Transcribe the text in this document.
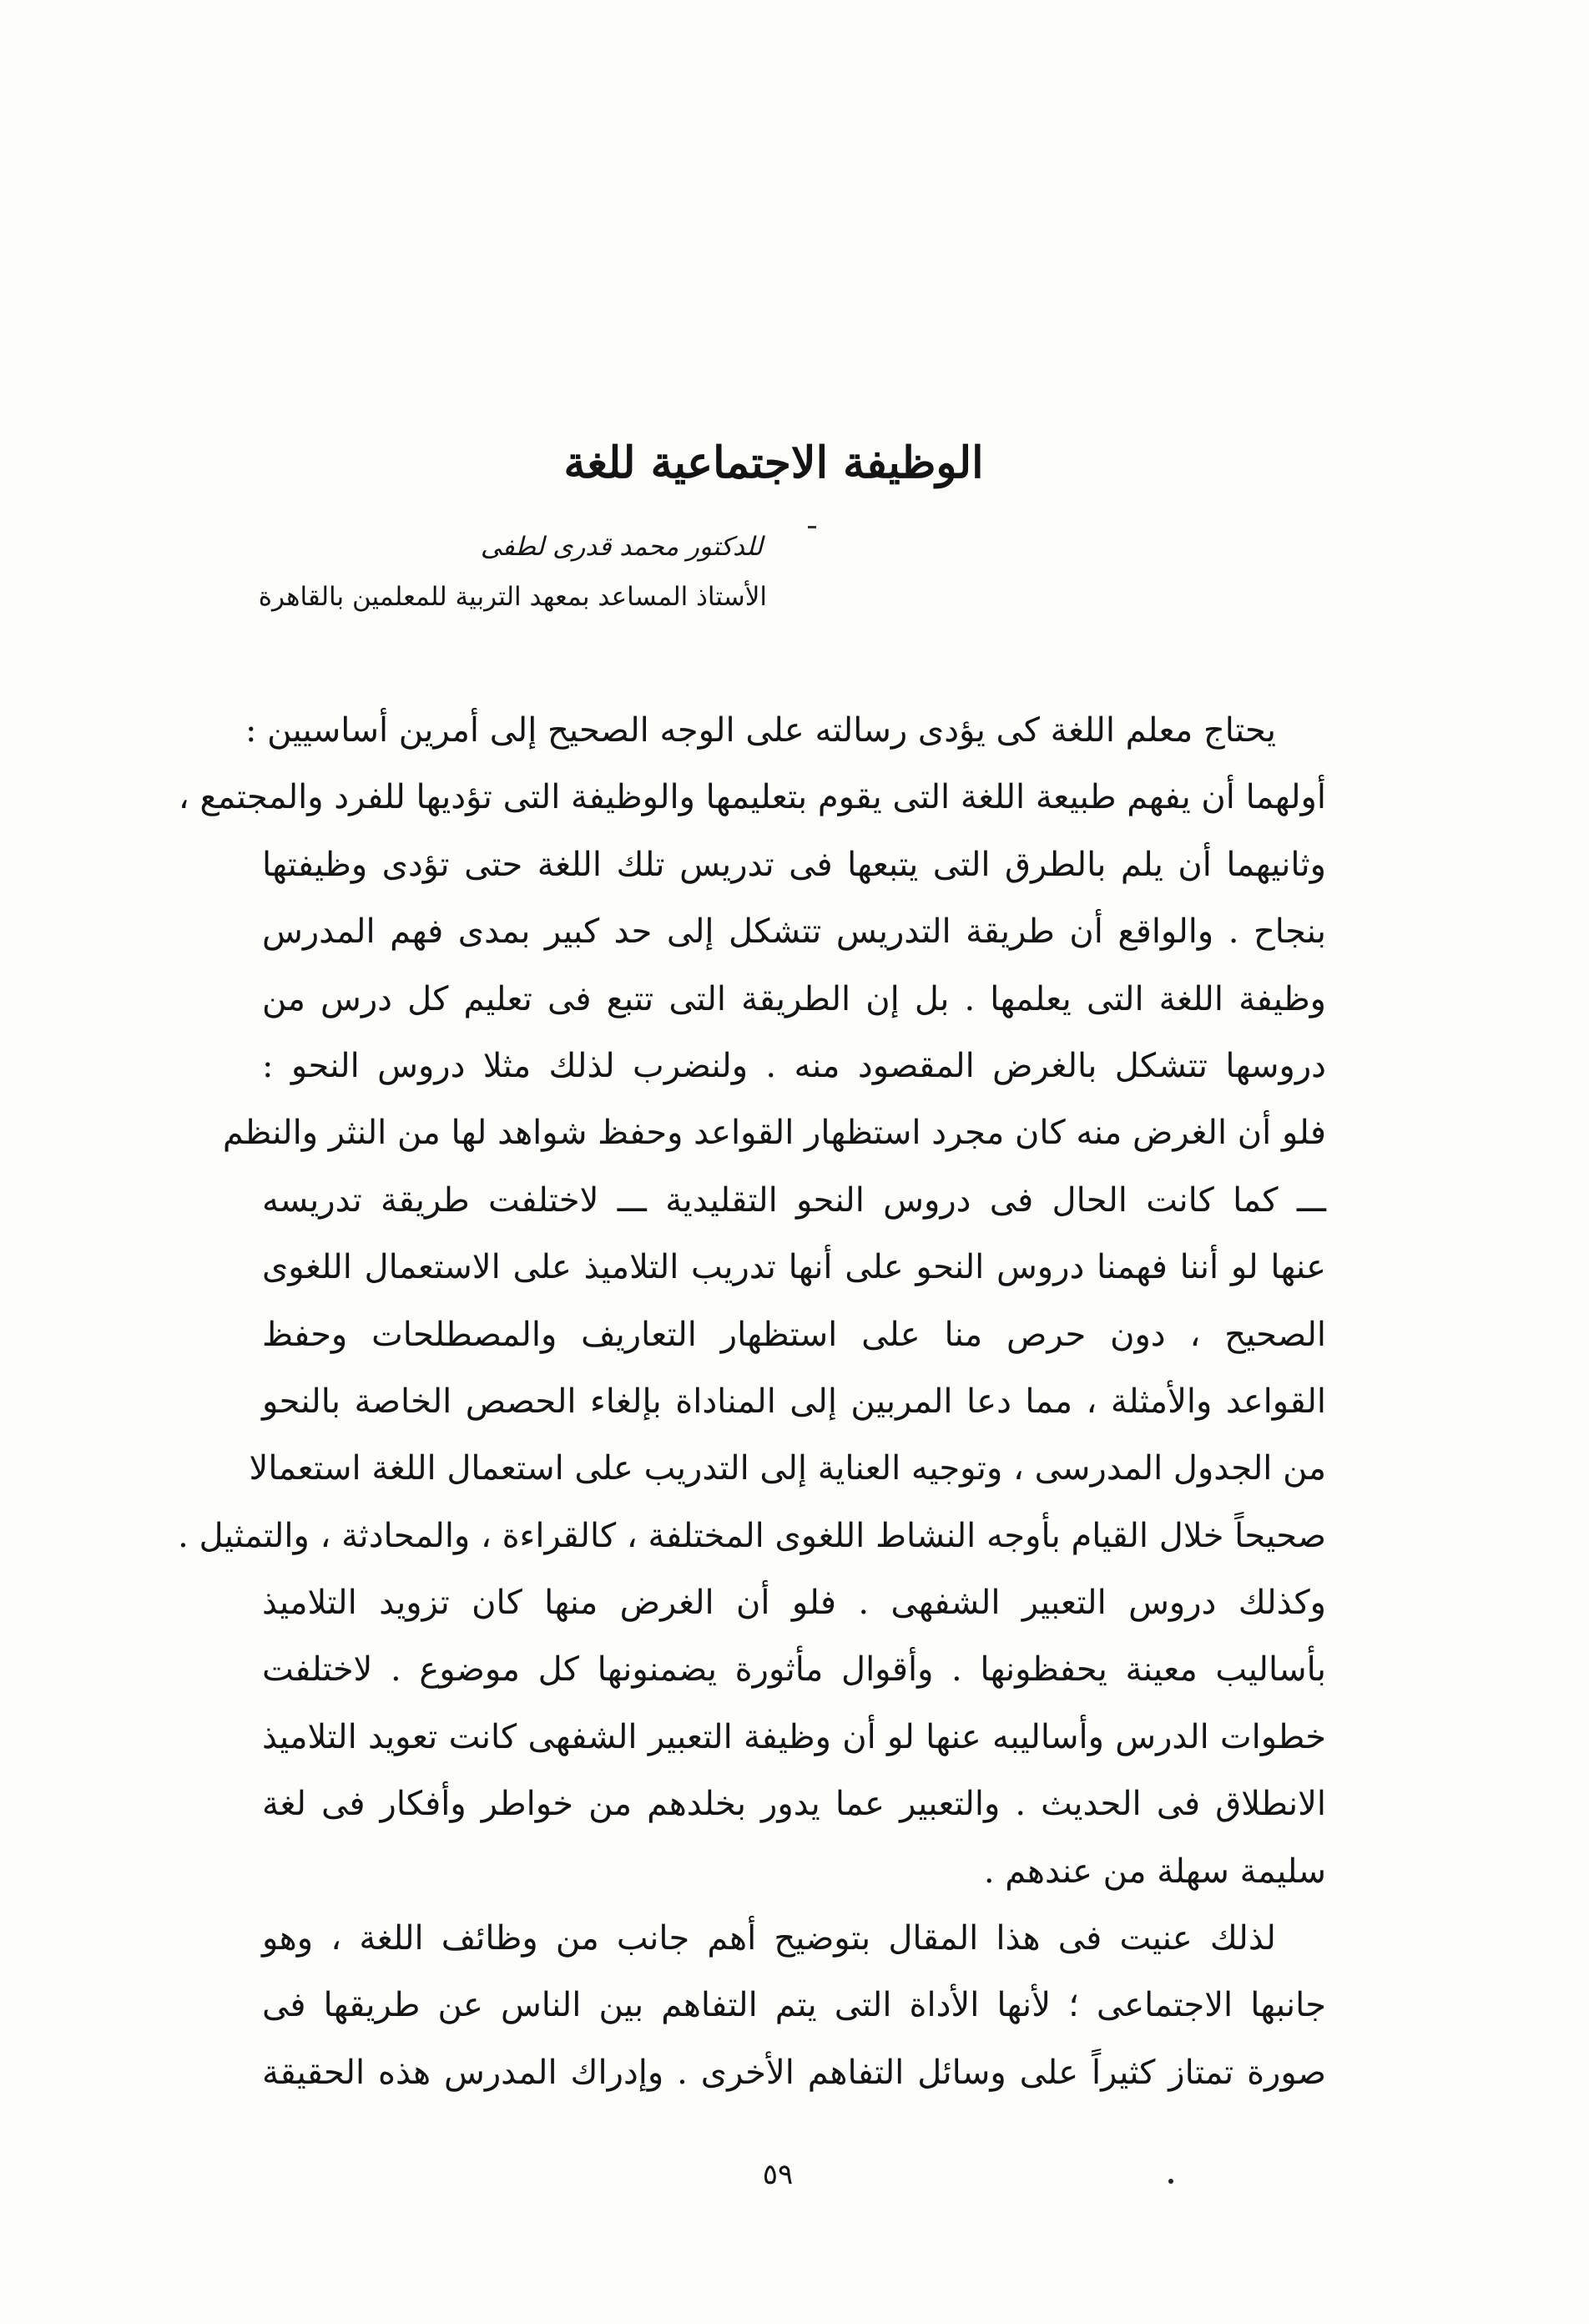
الوظيفة الاجتماعية للغة
للدكتور محمد قدرى لطفى
الأستاذ المساعد بمعهد التربية للمعلمين بالقاهرة
يحتاج معلم اللغة كى يؤدى رسالته على الوجه الصحيح إلى أمرين أساسيين :
أولهما أن يفهم طبيعة اللغة التى يقوم بتعليمها والوظيفة التى تؤديها للفرد والمجتمع ،
وثانيهما أن يلم بالطرق التى يتبعها فى تدريس تلك اللغة حتى تؤدى وظيفتها
بنجاح . والواقع أن طريقة التدريس تتشكل إلى حد كبير بمدى فهم المدرس
وظيفة اللغة التى يعلمها . بل إن الطريقة التى تتبع فى تعليم كل درس من
دروسها تتشكل بالغرض المقصود منه . ولنضرب لذلك مثلا دروس النحو :
فلو أن الغرض منه كان مجرد استظهار القواعد وحفظ شواهد لها من النثر والنظم
ـــ كما كانت الحال فى دروس النحو التقليدية ـــ لاختلفت طريقة تدريسه
عنها لو أننا فهمنا دروس النحو على أنها تدريب التلاميذ على الاستعمال اللغوى
الصحيح ، دون حرص منا على استظهار التعاريف والمصطلحات وحفظ
القواعد والأمثلة ، مما دعا المربين إلى المناداة بإلغاء الحصص الخاصة بالنحو
من الجدول المدرسى ، وتوجيه العناية إلى التدريب على استعمال اللغة استعمالا
صحيحاً خلال القيام بأوجه النشاط اللغوى المختلفة ، كالقراءة ، والمحادثة ، والتمثيل .
وكذلك دروس التعبير الشفهى . فلو أن الغرض منها كان تزويد التلاميذ
بأساليب معينة يحفظونها . وأقوال مأثورة يضمنونها كل موضوع . لاختلفت
خطوات الدرس وأساليبه عنها لو أن وظيفة التعبير الشفهى كانت تعويد التلاميذ
الانطلاق فى الحديث . والتعبير عما يدور بخلدهم من خواطر وأفكار فى لغة
سليمة سهلة من عندهم .
لذلك عنيت فى هذا المقال بتوضيح أهم جانب من وظائف اللغة ، وهو
جانبها الاجتماعى ؛ لأنها الأداة التى يتم التفاهم بين الناس عن طريقها فى
صورة تمتاز كثيراً على وسائل التفاهم الأخرى . وإدراك المدرس هذه الحقيقة
٥٩
